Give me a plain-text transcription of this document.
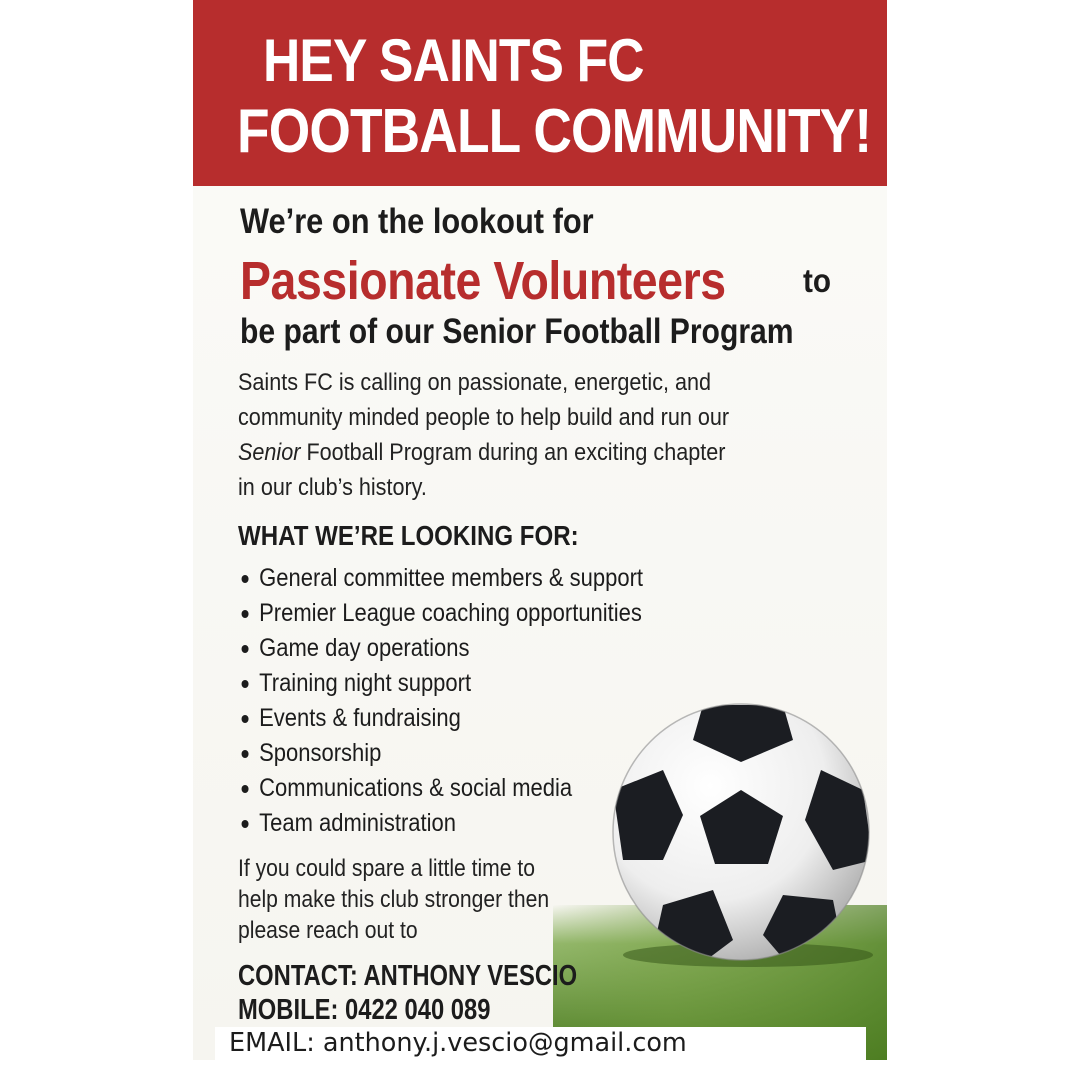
HEY SAINTS FC
FOOTBALL COMMUNITY!
We’re on the lookout for
Passionate Volunteers to
be part of our Senior Football Program
Saints FC is calling on passionate, energetic, and
community minded people to help build and run our
Senior Football Program during an exciting chapter
in our club’s history.
WHAT WE’RE LOOKING FOR:
General committee members & support
Premier League coaching opportunities
Game day operations
Training night support
Events & fundraising
Sponsorship
Communications & social media
Team administration
If you could spare a little time to
help make this club stronger then
please reach out to
CONTACT: ANTHONY VESCIO
MOBILE: 0422 040 089
EMAIL: anthony.j.vescio@gmail.com
